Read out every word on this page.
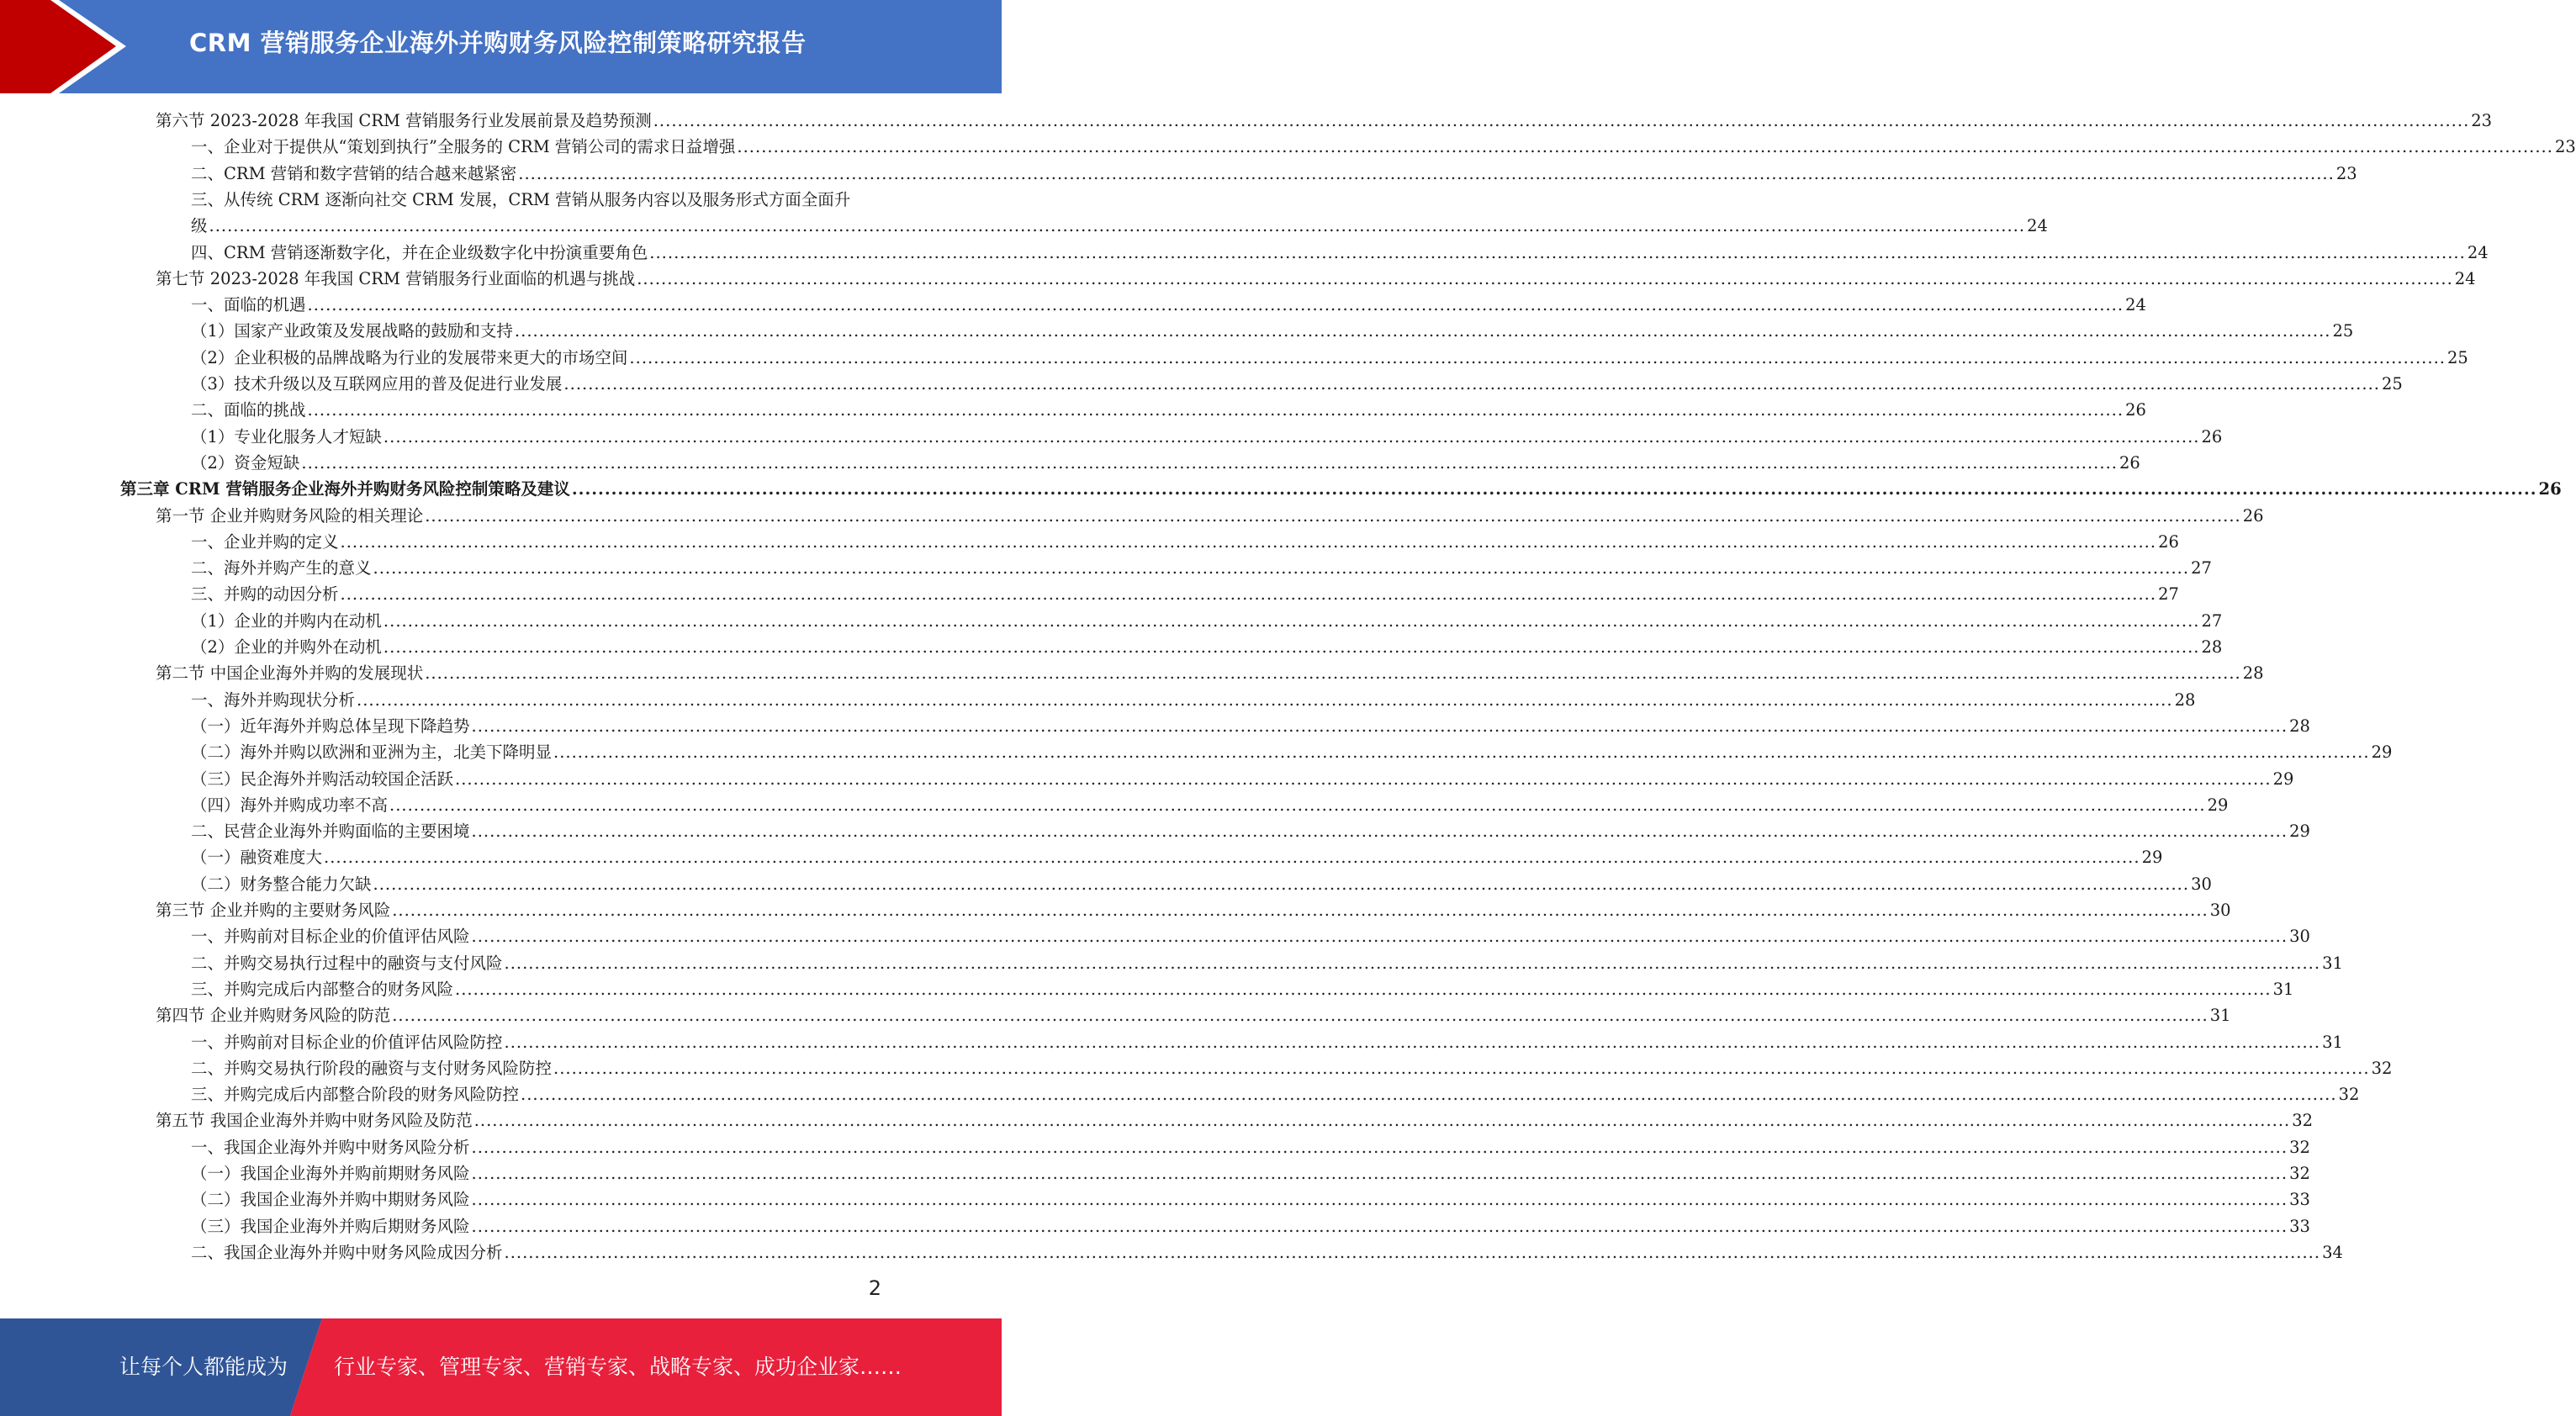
CRM 营销服务企业海外并购财务风险控制策略研究报告
第六节 2023-2028 年我国 CRM 营销服务行业发展前景及趋势预测 ............................................................................................................................................................................................................................................................................................................ 23
一、企业对于提供从“策划到执行”全服务的 CRM 营销公司的需求日益增强 ............................................................................................................................................................................................................................................................................................................ 23
二、CRM 营销和数字营销的结合越来越紧密 ............................................................................................................................................................................................................................................................................................................ 23
三、从传统 CRM 逐渐向社交 CRM 发展，CRM 营销从服务内容以及服务形式方面全面升
级 ............................................................................................................................................................................................................................................................................................................ 24
四、CRM 营销逐渐数字化，并在企业级数字化中扮演重要角色 ............................................................................................................................................................................................................................................................................................................ 24
第七节 2023-2028 年我国 CRM 营销服务行业面临的机遇与挑战 ............................................................................................................................................................................................................................................................................................................ 24
一、面临的机遇 ............................................................................................................................................................................................................................................................................................................ 24
（1）国家产业政策及发展战略的鼓励和支持 ............................................................................................................................................................................................................................................................................................................ 25
（2）企业积极的品牌战略为行业的发展带来更大的市场空间 ............................................................................................................................................................................................................................................................................................................ 25
（3）技术升级以及互联网应用的普及促进行业发展 ............................................................................................................................................................................................................................................................................................................ 25
二、面临的挑战 ............................................................................................................................................................................................................................................................................................................ 26
（1）专业化服务人才短缺 ............................................................................................................................................................................................................................................................................................................ 26
（2）资金短缺 ............................................................................................................................................................................................................................................................................................................ 26
第三章 CRM 营销服务企业海外并购财务风险控制策略及建议 ............................................................................................................................................................................................................................................................................................................ 26
第一节 企业并购财务风险的相关理论 ............................................................................................................................................................................................................................................................................................................ 26
一、企业并购的定义 ............................................................................................................................................................................................................................................................................................................ 26
二、海外并购产生的意义 ............................................................................................................................................................................................................................................................................................................ 27
三、并购的动因分析 ............................................................................................................................................................................................................................................................................................................ 27
（1）企业的并购内在动机 ............................................................................................................................................................................................................................................................................................................ 27
（2）企业的并购外在动机 ............................................................................................................................................................................................................................................................................................................ 28
第二节 中国企业海外并购的发展现状 ............................................................................................................................................................................................................................................................................................................ 28
一、海外并购现状分析 ............................................................................................................................................................................................................................................................................................................ 28
（一）近年海外并购总体呈现下降趋势 ............................................................................................................................................................................................................................................................................................................ 28
（二）海外并购以欧洲和亚洲为主，北美下降明显 ............................................................................................................................................................................................................................................................................................................ 29
（三）民企海外并购活动较国企活跃 ............................................................................................................................................................................................................................................................................................................ 29
（四）海外并购成功率不高 ............................................................................................................................................................................................................................................................................................................ 29
二、民营企业海外并购面临的主要困境 ............................................................................................................................................................................................................................................................................................................ 29
（一）融资难度大 ............................................................................................................................................................................................................................................................................................................ 29
（二）财务整合能力欠缺 ............................................................................................................................................................................................................................................................................................................ 30
第三节 企业并购的主要财务风险 ............................................................................................................................................................................................................................................................................................................ 30
一、并购前对目标企业的价值评估风险 ............................................................................................................................................................................................................................................................................................................ 30
二、并购交易执行过程中的融资与支付风险 ............................................................................................................................................................................................................................................................................................................ 31
三、并购完成后内部整合的财务风险 ............................................................................................................................................................................................................................................................................................................ 31
第四节 企业并购财务风险的防范 ............................................................................................................................................................................................................................................................................................................ 31
一、并购前对目标企业的价值评估风险防控 ............................................................................................................................................................................................................................................................................................................ 31
二、并购交易执行阶段的融资与支付财务风险防控 ............................................................................................................................................................................................................................................................................................................ 32
三、并购完成后内部整合阶段的财务风险防控 ............................................................................................................................................................................................................................................................................................................ 32
第五节 我国企业海外并购中财务风险及防范 ............................................................................................................................................................................................................................................................................................................ 32
一、我国企业海外并购中财务风险分析 ............................................................................................................................................................................................................................................................................................................ 32
（一）我国企业海外并购前期财务风险 ............................................................................................................................................................................................................................................................................................................ 32
（二）我国企业海外并购中期财务风险 ............................................................................................................................................................................................................................................................................................................ 33
（三）我国企业海外并购后期财务风险 ............................................................................................................................................................................................................................................................................................................ 33
二、我国企业海外并购中财务风险成因分析 ............................................................................................................................................................................................................................................................................................................ 34
2
让每个人都能成为 行业专家、管理专家、营销专家、战略专家、成功企业家……
